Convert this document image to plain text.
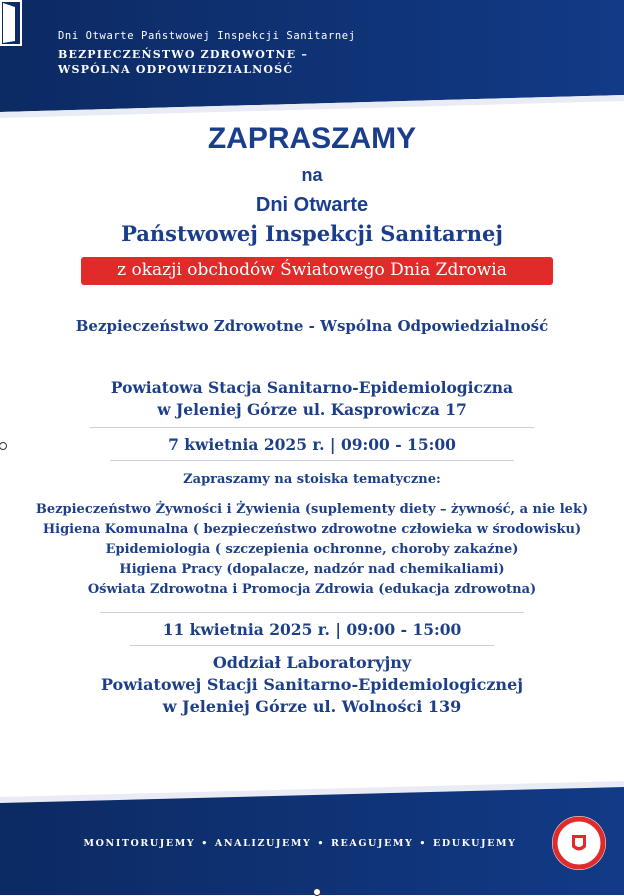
Dni Otwarte Państwowej Inspekcji Sanitarnej
BEZPIECZEŃSTWO ZDROWOTNE –
WSPÓLNA ODPOWIEDZIALNOŚĆ
ZAPRASZAMY
na
Dni Otwarte
Państwowej Inspekcji Sanitarnej
z okazji obchodów Światowego Dnia Zdrowia
Bezpieczeństwo Zdrowotne - Wspólna Odpowiedzialność
Powiatowa Stacja Sanitarno-Epidemiologiczna
w Jeleniej Górze ul. Kasprowicza 17
7 kwietnia 2025 r. | 09:00 - 15:00
Zapraszamy na stoiska tematyczne:
Bezpieczeństwo Żywności i Żywienia (suplementy diety – żywność, a nie lek)
Higiena Komunalna ( bezpieczeństwo zdrowotne człowieka w środowisku)
Epidemiologia ( szczepienia ochronne, choroby zakaźne)
Higiena Pracy (dopalacze, nadzór nad chemikaliami)
Oświata Zdrowotna i Promocja Zdrowia (edukacja zdrowotna)
11 kwietnia 2025 r. | 09:00 - 15:00
Oddział Laboratoryjny
Powiatowej Stacji Sanitarno-Epidemiologicznej
w Jeleniej Górze ul. Wolności 139
MONITORUJEMY • ANALIZUJEMY • REAGUJEMY • EDUKUJEMY
